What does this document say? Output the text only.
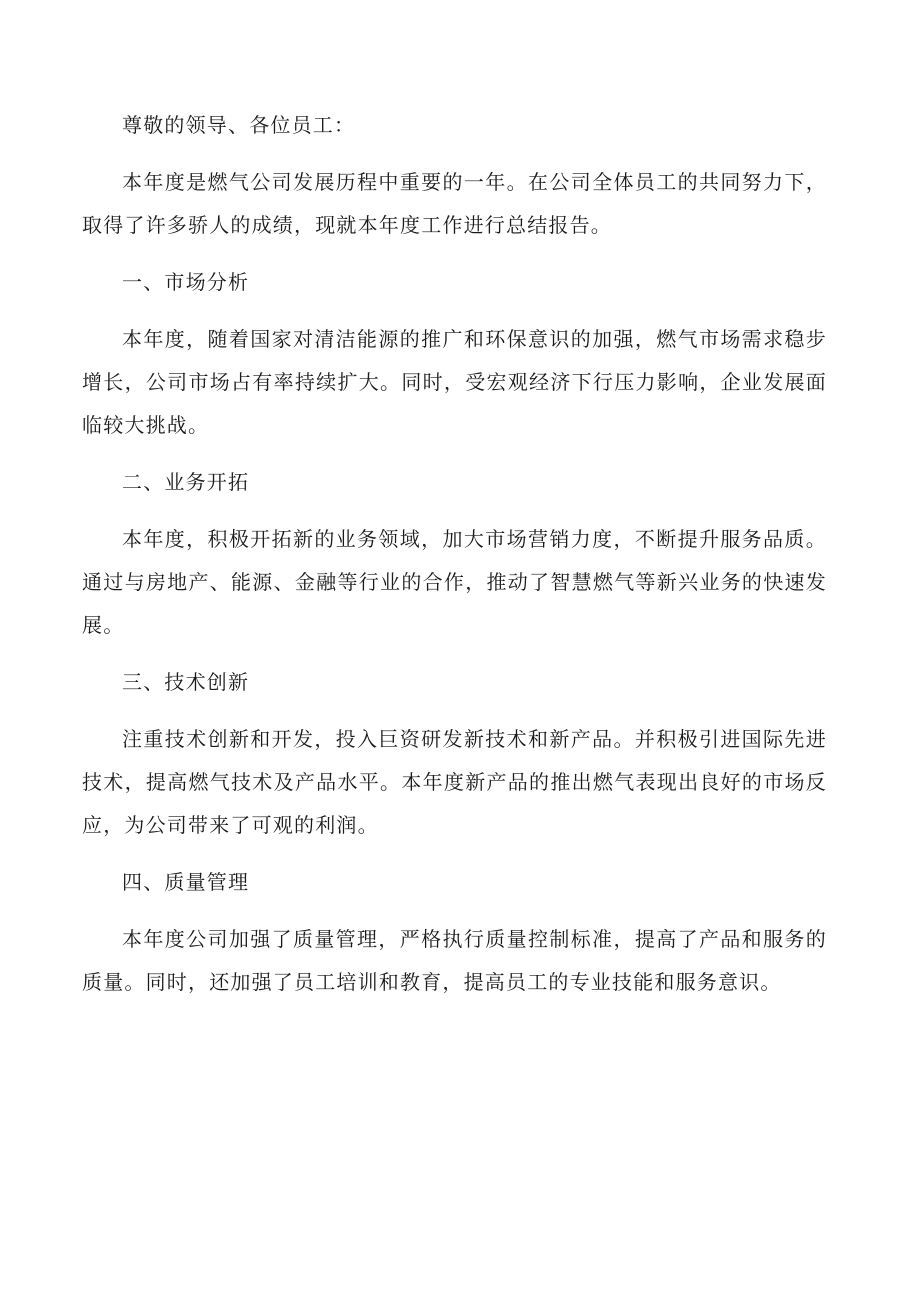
尊敬的领导、各位员工：

本年度是燃气公司发展历程中重要的一年。在公司全体员工的共同努力下，取得了许多骄人的成绩，现就本年度工作进行总结报告。

一、市场分析

本年度，随着国家对清洁能源的推广和环保意识的加强，燃气市场需求稳步增长，公司市场占有率持续扩大。同时，受宏观经济下行压力影响，企业发展面临较大挑战。

二、业务开拓

本年度，积极开拓新的业务领域，加大市场营销力度，不断提升服务品质。通过与房地产、能源、金融等行业的合作，推动了智慧燃气等新兴业务的快速发展。

三、技术创新

注重技术创新和开发，投入巨资研发新技术和新产品。并积极引进国际先进技术，提高燃气技术及产品水平。本年度新产品的推出燃气表现出良好的市场反应，为公司带来了可观的利润。

四、质量管理

本年度公司加强了质量管理，严格执行质量控制标准，提高了产品和服务的质量。同时，还加强了员工培训和教育，提高员工的专业技能和服务意识。
